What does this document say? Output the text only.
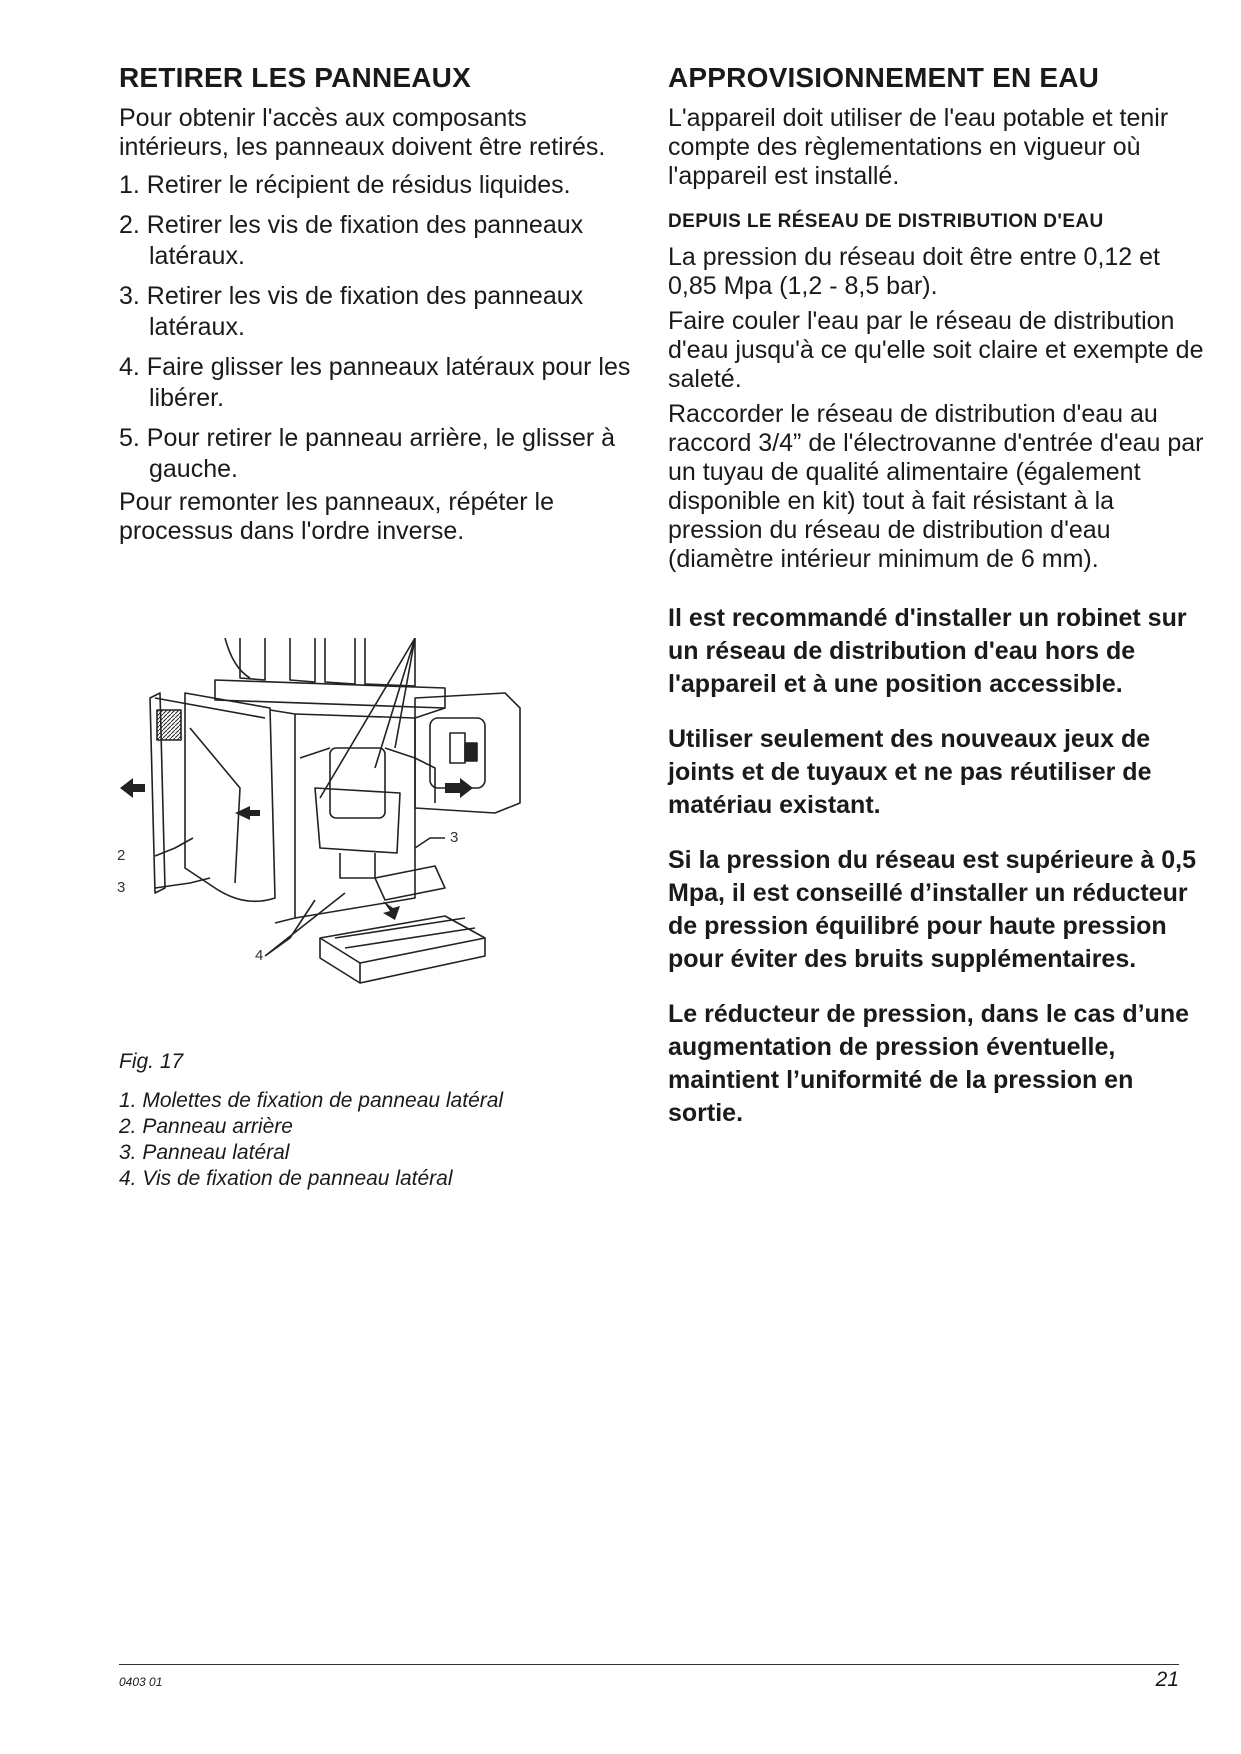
RETIRER LES PANNEAUX

Pour obtenir l'accès aux composants intérieurs, les panneaux doivent être retirés.

1. Retirer le récipient de résidus liquides.
2. Retirer les vis de fixation des panneaux latéraux.
3. Retirer les vis de fixation des panneaux latéraux.
4. Faire glisser les panneaux latéraux pour les libérer.
5. Pour retirer le panneau arrière, le glisser à gauche.

Pour remonter les panneaux, répéter le processus dans l'ordre inverse.

2
3
3
4
Fig. 17
1. Molettes de fixation de panneau latéral
2. Panneau arrière
3. Panneau latéral
4. Vis de fixation de panneau latéral
APPROVISIONNEMENT EN EAU

L'appareil doit utiliser de l'eau potable et tenir compte des règlementations en vigueur où l'appareil est installé.

DEPUIS LE RÉSEAU DE DISTRIBUTION D'EAU

La pression du réseau doit être entre 0,12 et 0,85 Mpa (1,2 - 8,5 bar).

Faire couler l'eau par le réseau de distribution d'eau jusqu'à ce qu'elle soit claire et exempte de saleté.

Raccorder le réseau de distribution d'eau au raccord 3/4” de l'électrovanne d'entrée d'eau par un tuyau de qualité alimentaire (également disponible en kit) tout à fait résistant à la pression du réseau de distribution d'eau (diamètre intérieur minimum de 6 mm).

Il est recommandé d'installer un robinet sur un réseau de distribution d'eau hors de l'appareil et à une position accessible.

Utiliser seulement des nouveaux jeux de joints et de tuyaux et ne pas réutiliser de matériau existant.

Si la pression du réseau est supérieure à 0,5 Mpa, il est conseillé d’installer un réducteur de pression équilibré pour haute pression pour éviter des bruits supplémentaires.

Le réducteur de pression, dans le cas d’une augmentation de pression éventuelle, maintient l’uniformité de la pression en sortie.

0403 01	21
